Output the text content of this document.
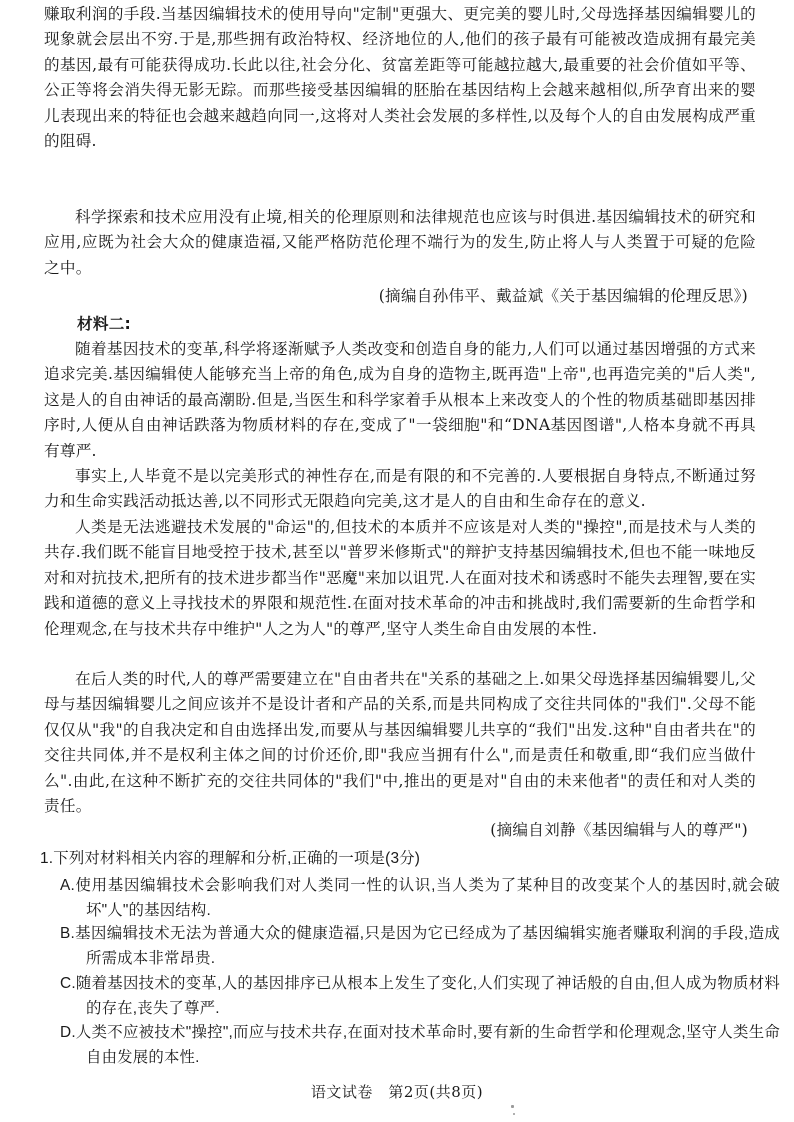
赚取利润的手段.当基因编辑技术的使用导向"定制"更强大、更完美的婴儿时,父母选择基因编辑婴儿的现象就会层出不穷.于是,那些拥有政治特权、经济地位的人,他们的孩子最有可能被改造成拥有最完美的基因,最有可能获得成功.长此以往,社会分化、贫富差距等可能越拉越大,最重要的社会价值如平等、公正等将会消失得无影无踪。而那些接受基因编辑的胚胎在基因结构上会越来越相似,所孕育出来的婴儿表现出来的特征也会越来越趋向同一,这将对人类社会发展的多样性,以及每个人的自由发展构成严重的阻碍.

科学探索和技术应用没有止境,相关的伦理原则和法律规范也应该与时俱进.基因编辑技术的研究和应用,应既为社会大众的健康造福,又能严格防范伦理不端行为的发生,防止将人与人类置于可疑的危险之中。

(摘编自孙伟平、戴益斌《关于基因编辑的伦理反思》)

材料二:

随着基因技术的变革,科学将逐渐赋予人类改变和创造自身的能力,人们可以通过基因增强的方式来追求完美.基因编辑使人能够充当上帝的角色,成为自身的造物主,既再造"上帝",也再造完美的"后人类",这是人的自由神话的最高潮盼.但是,当医生和科学家着手从根本上来改变人的个性的物质基础即基因排序时,人便从自由神话跌落为物质材料的存在,变成了"一袋细胞"和“DNA基因图谱",人格本身就不再具有尊严.

事实上,人毕竟不是以完美形式的神性存在,而是有限的和不完善的.人要根据自身特点,不断通过努力和生命实践活动抵达善,以不同形式无限趋向完美,这才是人的自由和生命存在的意义.

人类是无法逃避技术发展的"命运"的,但技术的本质并不应该是对人类的"操控",而是技术与人类的共存.我们既不能盲目地受控于技术,甚至以"普罗米修斯式"的辩护支持基因编辑技术,但也不能一味地反对和对抗技术,把所有的技术进步都当作"恶魔"来加以诅咒.人在面对技术和诱惑时不能失去理智,要在实践和道德的意义上寻找技术的界限和规范性.在面对技术革命的冲击和挑战时,我们需要新的生命哲学和伦理观念,在与技术共存中维护"人之为人"的尊严,坚守人类生命自由发展的本性.

在后人类的时代,人的尊严需要建立在"自由者共在"关系的基础之上.如果父母选择基因编辑婴儿,父母与基因编辑婴儿之间应该并不是设计者和产品的关系,而是共同构成了交往共同体的"我们".父母不能仅仅从"我"的自我决定和自由选择出发,而要从与基因编辑婴儿共享的“我们"出发.这种"自由者共在"的交往共同体,并不是权利主体之间的讨价还价,即"我应当拥有什么",而是责任和敬重,即“我们应当做什么".由此,在这种不断扩充的交往共同体的"我们"中,推出的更是对"自由的未来他者"的责任和对人类的责任。

(摘编自刘静《基因编辑与人的尊严")

1.下列对材料相关内容的理解和分析,正确的一项是(3分)

A.使用基因编辑技术会影响我们对人类同一性的认识,当人类为了某种目的改变某个人的基因时,就会破坏"人"的基因结构.

B.基因编辑技术无法为普通大众的健康造福,只是因为它已经成为了基因编辑实施者赚取利润的手段,造成所需成本非常昂贵.

C.随着基因技术的变革,人的基因排序已从根本上发生了变化,人们实现了神话般的自由,但人成为物质材料的存在,丧失了尊严.

D.人类不应被技术"操控",而应与技术共存,在面对技术革命时,要有新的生命哲学和伦理观念,坚守人类生命自由发展的本性.

语文试卷　第2页(共8页)
